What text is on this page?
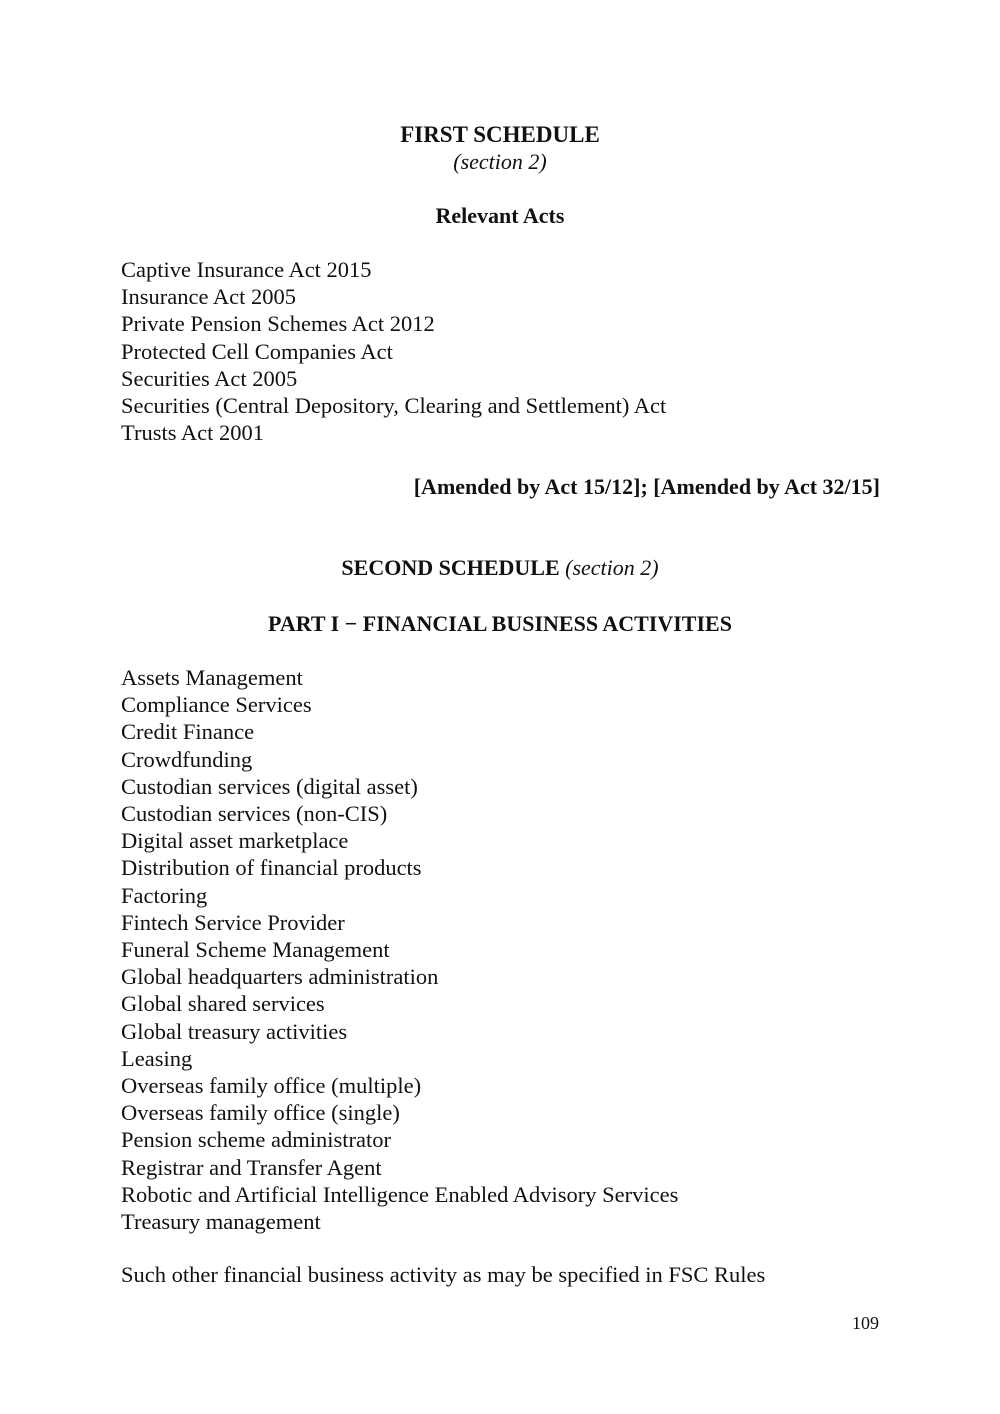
FIRST SCHEDULE
(section 2)
Relevant Acts
Captive Insurance Act 2015
Insurance Act 2005
Private Pension Schemes Act 2012
Protected Cell Companies Act
Securities Act 2005
Securities (Central Depository, Clearing and Settlement) Act
Trusts Act 2001
[Amended by Act 15/12]; [Amended by Act 32/15]
SECOND SCHEDULE (section 2)
PART I − FINANCIAL BUSINESS ACTIVITIES
Assets Management
Compliance Services
Credit Finance
Crowdfunding
Custodian services (digital asset)
Custodian services (non-CIS)
Digital asset marketplace
Distribution of financial products
Factoring
Fintech Service Provider
Funeral Scheme Management
Global headquarters administration
Global shared services
Global treasury activities
Leasing
Overseas family office (multiple)
Overseas family office (single)
Pension scheme administrator
Registrar and Transfer Agent
Robotic and Artificial Intelligence Enabled Advisory Services
Treasury management
Such other financial business activity as may be specified in FSC Rules
109
